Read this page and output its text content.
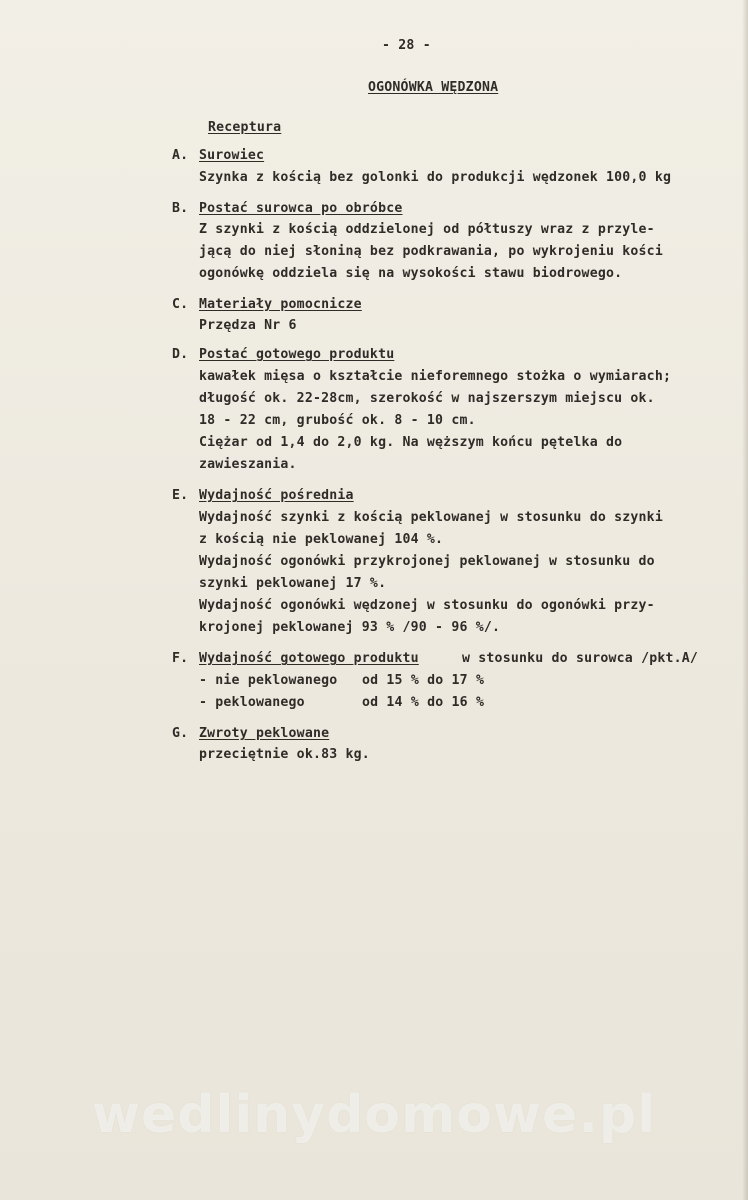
- 28 -
OGONÓWKA WĘDZONA
Receptura
A. Surowiec
Szynka z kością bez golonki do produkcji wędzonek 100,0 kg
B. Postać surowca po obróbce
Z szynki z kością oddzielonej od półtuszy wraz z przyle-
jącą do niej słoniną bez podkrawania, po wykrojeniu kości
ogonówkę oddziela się na wysokości stawu biodrowego.
C. Materiały pomocnicze
Przędza Nr 6
D. Postać gotowego produktu
kawałek mięsa o kształcie nieforemnego stożka o wymiarach;
długość ok. 22-28cm, szerokość w najszerszym miejscu ok.
18 - 22 cm, grubość ok. 8 - 10 cm.
Ciężar od 1,4 do 2,0 kg. Na węższym końcu pętelka do
zawieszania.
E. Wydajność pośrednia
Wydajność szynki z kością peklowanej w stosunku do szynki
z kością nie peklowanej 104 %.
Wydajność ogonówki przykrojonej peklowanej w stosunku do
szynki peklowanej 17 %.
Wydajność ogonówki wędzonej w stosunku do ogonówki przy-
krojonej peklowanej 93 % /90 - 96 %/.
F. Wydajność gotowego produktu	w stosunku do surowca /pkt.A/
- nie peklowanego od 15 % do 17 %
- peklowanego	od 14 % do 16 %
G. Zwroty peklowane
przeciętnie ok.83 kg.
wedlinydomowe.pl
